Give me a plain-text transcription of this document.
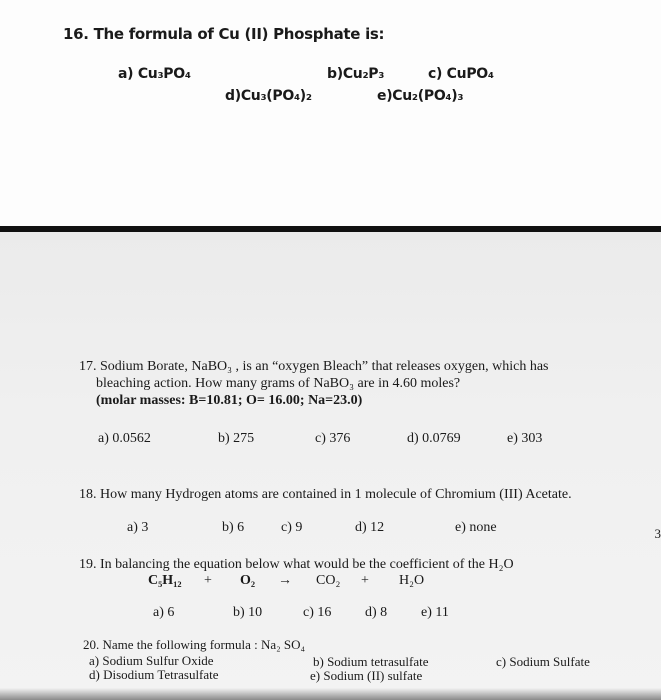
16. The formula of Cu (II) Phosphate is:
a) Cu₃PO₄	b)Cu₂P₃	c) CuPO₄
d)Cu₃(PO₄)₂	e)Cu₂(PO₄)₃
3
17. Sodium Borate, NaBO₃ , is an “oxygen Bleach” that releases oxygen, which has
bleaching action. How many grams of NaBO₃ are in 4.60 moles?
(molar masses: B=10.81; O= 16.00; Na=23.0)
a) 0.0562	b) 275	c) 376	d) 0.0769	e) 303
18. How many Hydrogen atoms are contained in 1 molecule of Chromium (III) Acetate.
a) 3	b) 6	c) 9	d) 12	e) none
19. In balancing the equation below what would be the coefficient of the H₂O
C₅H₁₂ + O₂ → CO₂ + H₂O
a) 6	b) 10	c) 16 d) 8 e) 11
20. Name the following formula : Na₂ SO₄
a) Sodium Sulfur Oxide	b) Sodium tetrasulfate	c) Sodium Sulfate
d) Disodium Tetrasulfate	e) Sodium (II) sulfate
